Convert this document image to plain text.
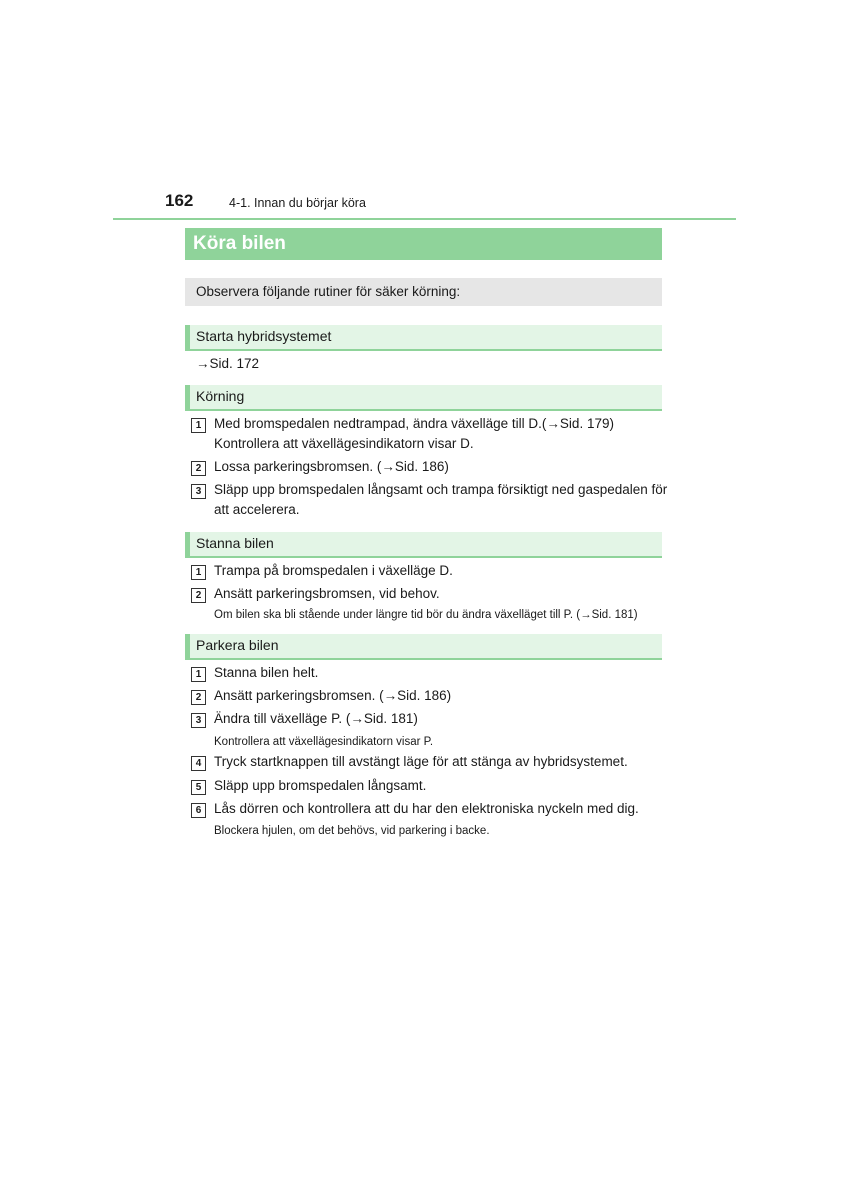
162	4-1. Innan du börjar köra
Köra bilen
Observera följande rutiner för säker körning:
Starta hybridsystemet
→Sid. 172
Körning
1 Med bromspedalen nedtrampad, ändra växelläge till D.(→Sid. 179)
Kontrollera att växellägesindikatorn visar D.
2 Lossa parkeringsbromsen. (→Sid. 186)
3 Släpp upp bromspedalen långsamt och trampa försiktigt ned gaspedalen för
att accelerera.
Stanna bilen
1 Trampa på bromspedalen i växelläge D.
2 Ansätt parkeringsbromsen, vid behov.
Om bilen ska bli stående under längre tid bör du ändra växelläget till P. (→Sid. 181)
Parkera bilen
1 Stanna bilen helt.
2 Ansätt parkeringsbromsen. (→Sid. 186)
3 Ändra till växelläge P. (→Sid. 181)
Kontrollera att växellägesindikatorn visar P.
4 Tryck startknappen till avstängt läge för att stänga av hybridsystemet.
5 Släpp upp bromspedalen långsamt.
6 Lås dörren och kontrollera att du har den elektroniska nyckeln med dig.
Blockera hjulen, om det behövs, vid parkering i backe.
